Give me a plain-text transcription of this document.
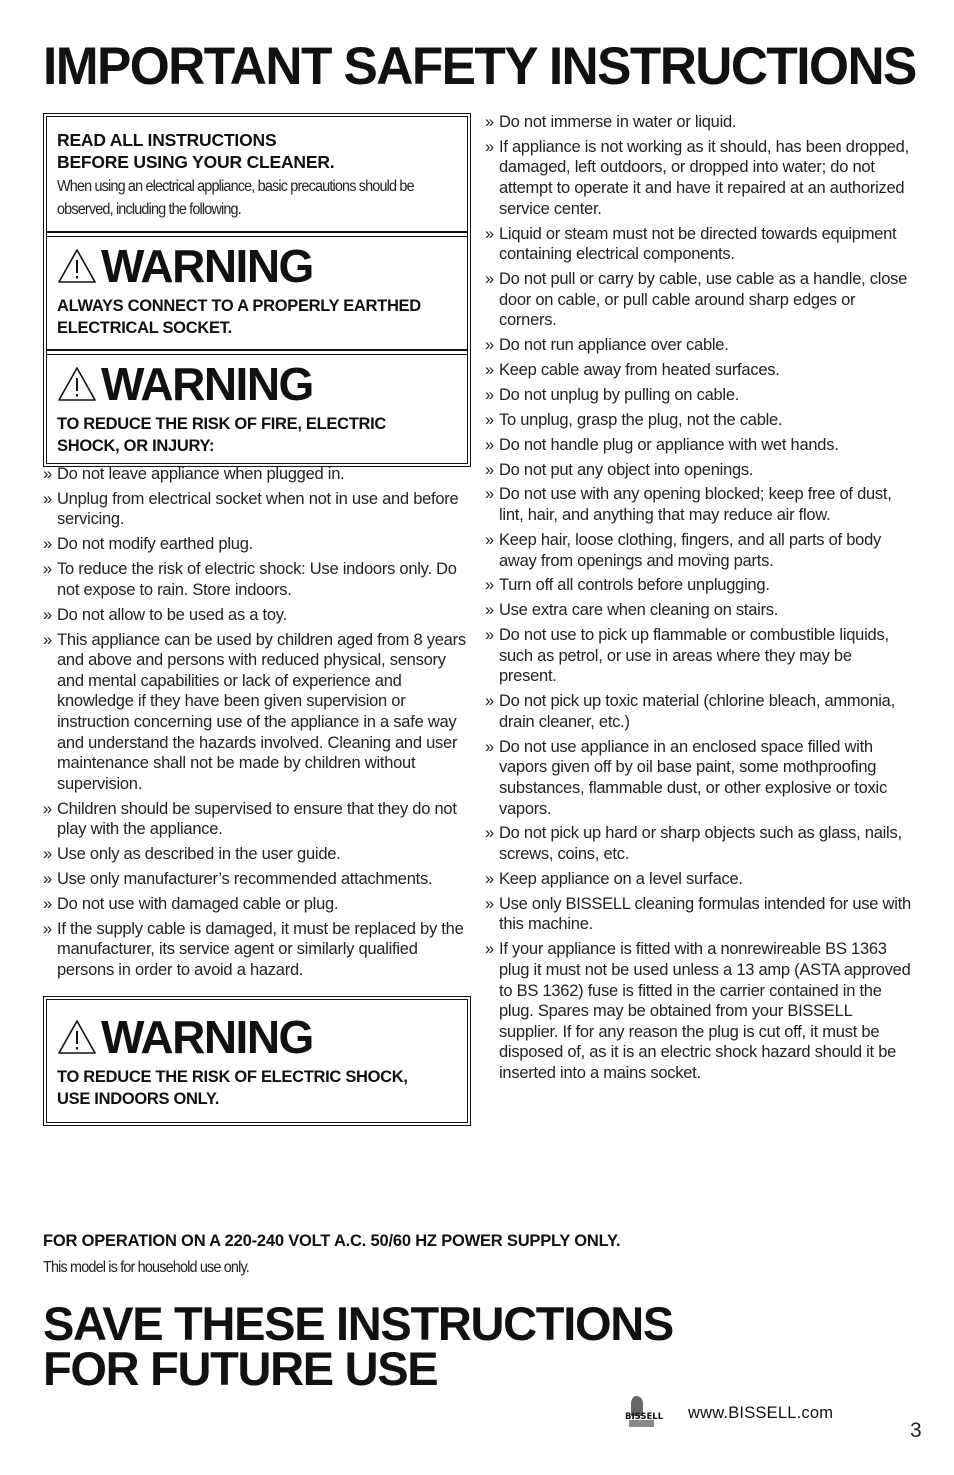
IMPORTANT SAFETY INSTRUCTIONS

READ ALL INSTRUCTIONS
BEFORE USING YOUR CLEANER.

When using an electrical appliance, basic precautions should be observed, including the following.

WARNING

ALWAYS CONNECT TO A PROPERLY EARTHED
ELECTRICAL SOCKET.

WARNING

TO REDUCE THE RISK OF FIRE, ELECTRIC
SHOCK, OR INJURY:

» Do not leave appliance when plugged in.
» Unplug from electrical socket when not in use and before servicing.
» Do not modify earthed plug.
» To reduce the risk of electric shock: Use indoors only. Do not expose to rain. Store indoors.
» Do not allow to be used as a toy.
» This appliance can be used by children aged from 8 years and above and persons with reduced physical, sensory and mental capabilities or lack of experience and knowledge if they have been given supervision or instruction concerning use of the appliance in a safe way and understand the hazards involved. Cleaning and user maintenance shall not be made by children without supervision.
» Children should be supervised to ensure that they do not play with the appliance.
» Use only as described in the user guide.
» Use only manufacturer’s recommended attachments.
» Do not use with damaged cable or plug.
» If the supply cable is damaged, it must be replaced by the manufacturer, its service agent or similarly qualified persons in order to avoid a hazard.
WARNING

TO REDUCE THE RISK OF ELECTRIC SHOCK,
USE INDOORS ONLY.

» Do not immerse in water or liquid.
» If appliance is not working as it should, has been dropped, damaged, left outdoors, or dropped into water; do not attempt to operate it and have it repaired at an authorized service center.
» Liquid or steam must not be directed towards equipment containing electrical components.
» Do not pull or carry by cable, use cable as a handle, close door on cable, or pull cable around sharp edges or corners.
» Do not run appliance over cable.
» Keep cable away from heated surfaces.
» Do not unplug by pulling on cable.
» To unplug, grasp the plug, not the cable.
» Do not handle plug or appliance with wet hands.
» Do not put any object into openings.
» Do not use with any opening blocked; keep free of dust, lint, hair, and anything that may reduce air flow.
» Keep hair, loose clothing, fingers, and all parts of body away from openings and moving parts.
» Turn off all controls before unplugging.
» Use extra care when cleaning on stairs.
» Do not use to pick up flammable or combustible liquids, such as petrol, or use in areas where they may be present.
» Do not pick up toxic material (chlorine bleach, ammonia, drain cleaner, etc.)
» Do not use appliance in an enclosed space filled with vapors given off by oil base paint, some mothproofing substances, flammable dust, or other explosive or toxic vapors.
» Do not pick up hard or sharp objects such as glass, nails, screws, coins, etc.
» Keep appliance on a level surface.
» Use only BISSELL cleaning formulas intended for use with this machine.
» If your appliance is fitted with a nonrewireable BS 1363 plug it must not be used unless a 13 amp (ASTA approved to BS 1362) fuse is fitted in the carrier contained in the plug. Spares may be obtained from your BISSELL supplier. If for any reason the plug is cut off, it must be disposed of, as it is an electric shock hazard should it be inserted into a mains socket.

FOR OPERATION ON A 220-240 VOLT A.C. 50/60 HZ POWER SUPPLY ONLY.

This model is for household use only.

SAVE THESE INSTRUCTIONS
FOR FUTURE USE
BISSELL www.BISSELL.com
3
